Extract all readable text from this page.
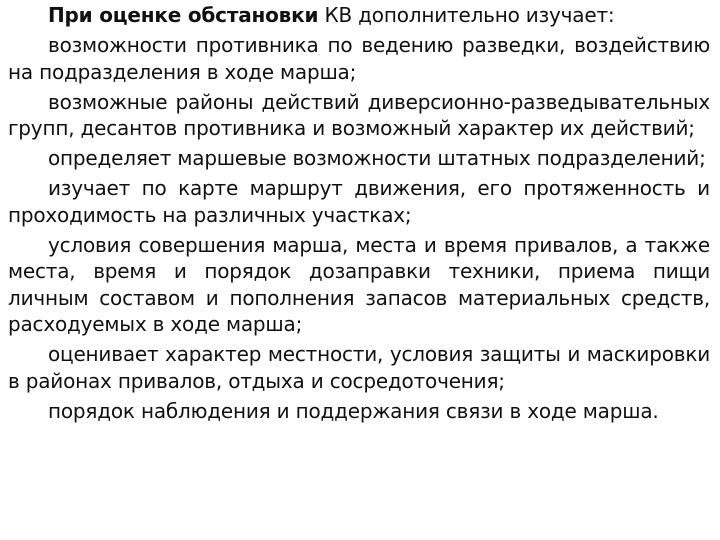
При оценке обстановки КВ дополнительно изучает:

возможности противника по ведению разведки, воздействию на подразделения в ходе марша;

возможные районы действий диверсионно-разведывательных групп, десантов противника и возможный характер их действий;

определяет маршевые возможности штатных подразделений;

изучает по карте маршрут движения, его протяженность и проходимость на различных участках;

условия совершения марша, места и время привалов, а также места, время и порядок дозаправки техники, приема пищи личным составом и пополнения запасов материальных средств, расходуемых в ходе марша;

оценивает характер местности, условия защиты и маскировки в районах привалов, отдыха и сосредоточения;

порядок наблюдения и поддержания связи в ходе марша.
